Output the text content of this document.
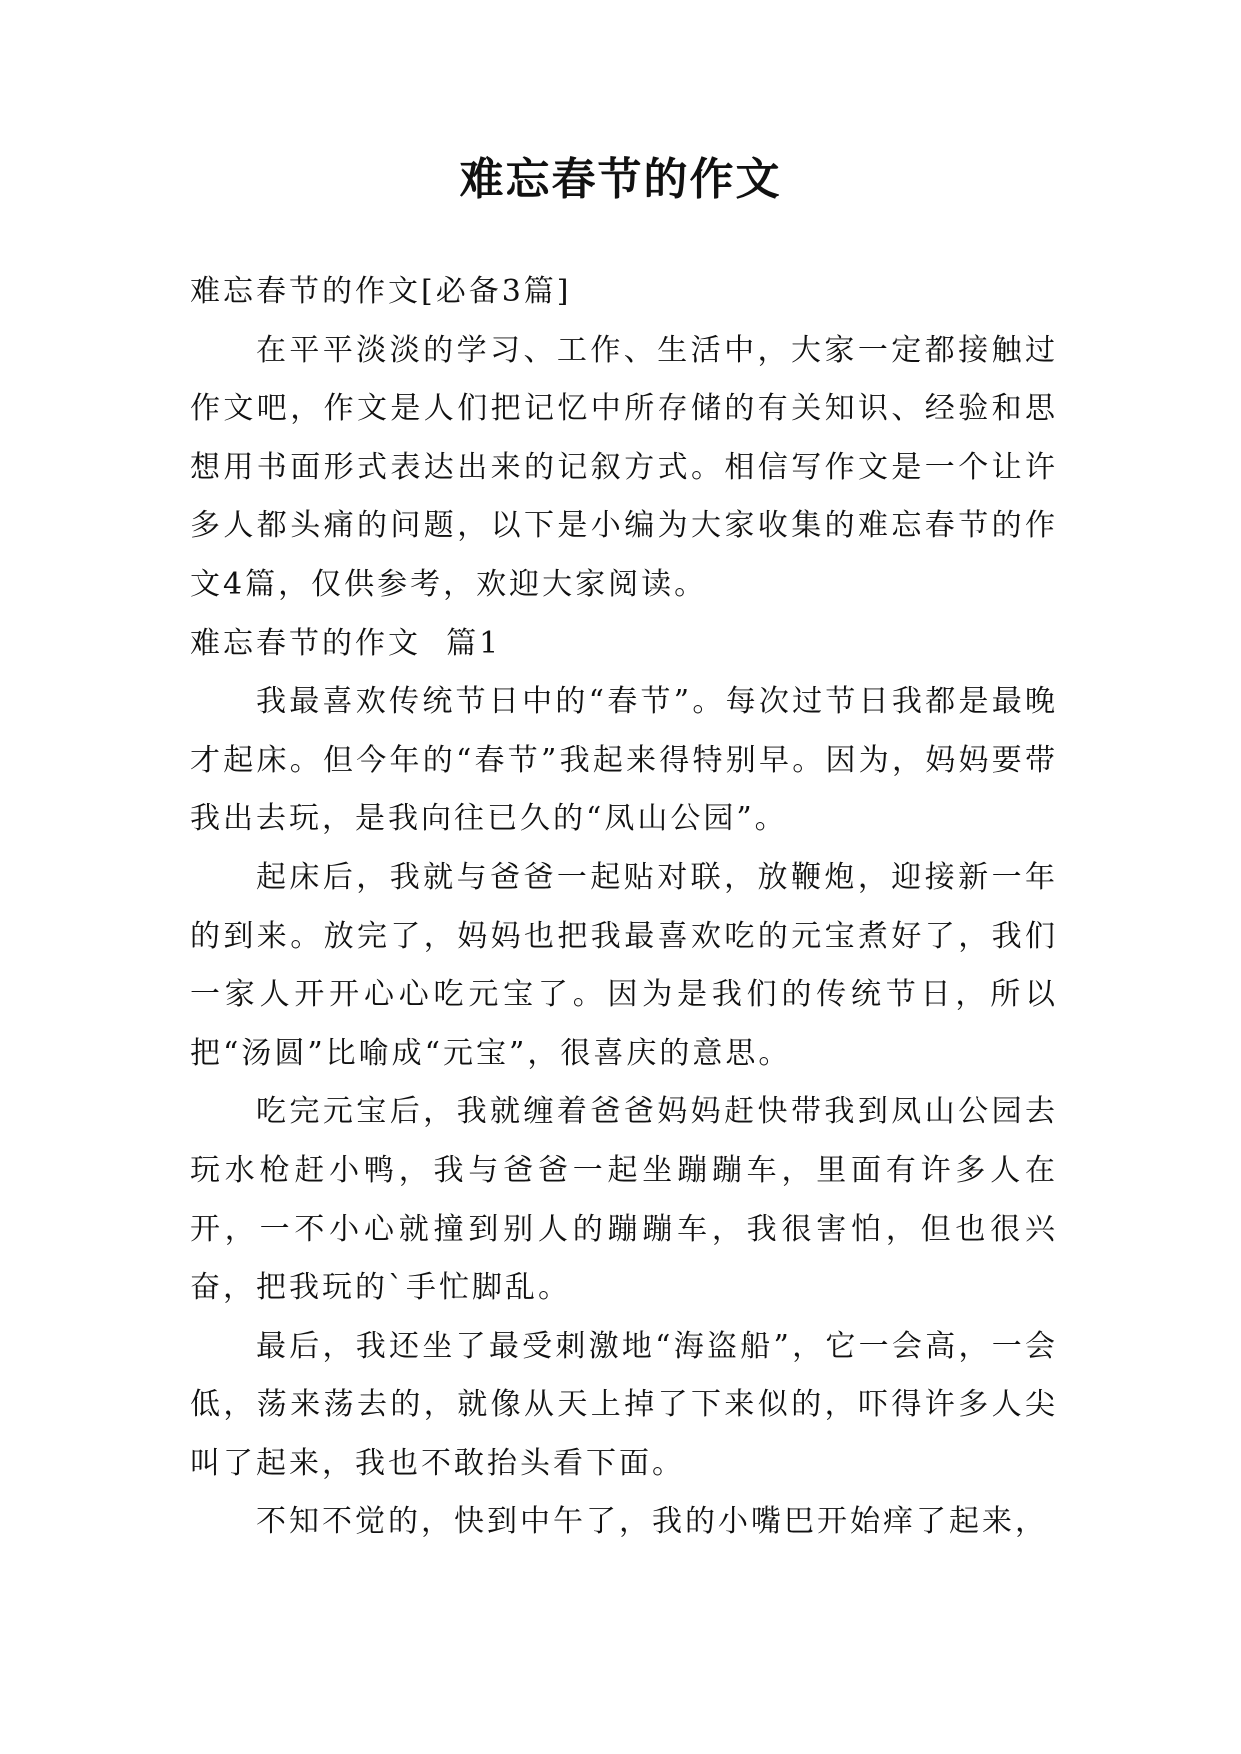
难忘春节的作文

难忘春节的作文[必备3篇]

在平平淡淡的学习、工作、生活中，大家一定都接触过作文吧，作文是人们把记忆中所存储的有关知识、经验和思想用书面形式表达出来的记叙方式。相信写作文是一个让许多人都头痛的问题，以下是小编为大家收集的难忘春节的作文4篇，仅供参考，欢迎大家阅读。

难忘春节的作文  篇1

我最喜欢传统节日中的“春节”。每次过节日我都是最晚才起床。但今年的“春节”我起来得特别早。因为，妈妈要带我出去玩，是我向往已久的“凤山公园”。

起床后，我就与爸爸一起贴对联，放鞭炮，迎接新一年的到来。放完了，妈妈也把我最喜欢吃的元宝煮好了，我们一家人开开心心吃元宝了。因为是我们的传统节日，所以把“汤圆”比喻成“元宝”，很喜庆的意思。

吃完元宝后，我就缠着爸爸妈妈赶快带我到凤山公园去玩水枪赶小鸭，我与爸爸一起坐蹦蹦车，里面有许多人在开，一不小心就撞到别人的蹦蹦车，我很害怕，但也很兴奋，把我玩的`手忙脚乱。

最后，我还坐了最受刺激地“海盗船”，它一会高，一会低，荡来荡去的，就像从天上掉了下来似的，吓得许多人尖叫了起来，我也不敢抬头看下面。

不知不觉的，快到中午了，我的小嘴巴开始痒了起来，
